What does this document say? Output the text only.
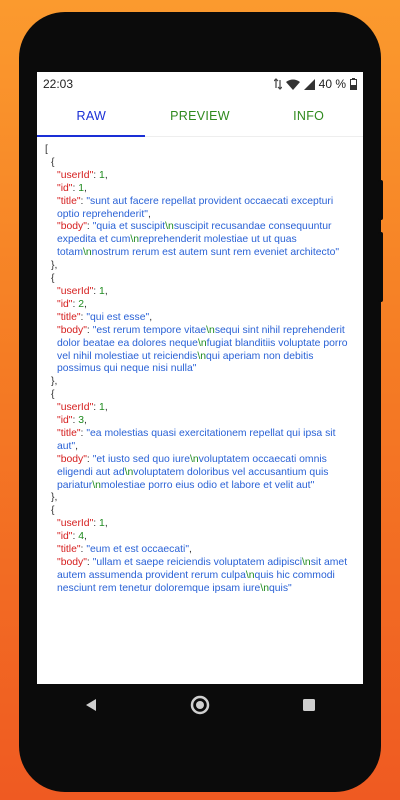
22:03	40 %
RAW	PREVIEW	INFO
[
{
"userId": 1,
"id": 1,
"title": "sunt aut facere repellat provident occaecati excepturi optio reprehenderit",
"body": "quia et suscipit\nsuscipit recusandae consequuntur expedita et cum\nreprehenderit molestiae ut ut quas totam\nnostrum rerum est autem sunt rem eveniet architecto"
},
{
"userId": 1,
"id": 2,
"title": "qui est esse",
"body": "est rerum tempore vitae\nsequi sint nihil reprehenderit dolor beatae ea dolores neque\nfugiat blanditiis voluptate porro vel nihil molestiae ut reiciendis\nqui aperiam non debitis possimus qui neque nisi nulla"
},
{
"userId": 1,
"id": 3,
"title": "ea molestias quasi exercitationem repellat qui ipsa sit aut",
"body": "et iusto sed quo iure\nvoluptatem occaecati omnis eligendi aut ad\nvoluptatem doloribus vel accusantium quis pariatur\nmolestiae porro eius odio et labore et velit aut"
},
{
"userId": 1,
"id": 4,
"title": "eum et est occaecati",
"body": "ullam et saepe reiciendis voluptatem adipisci\nsit amet autem assumenda provident rerum culpa\nquis hic commodi nesciunt rem tenetur doloremque ipsam iure\nquis"
